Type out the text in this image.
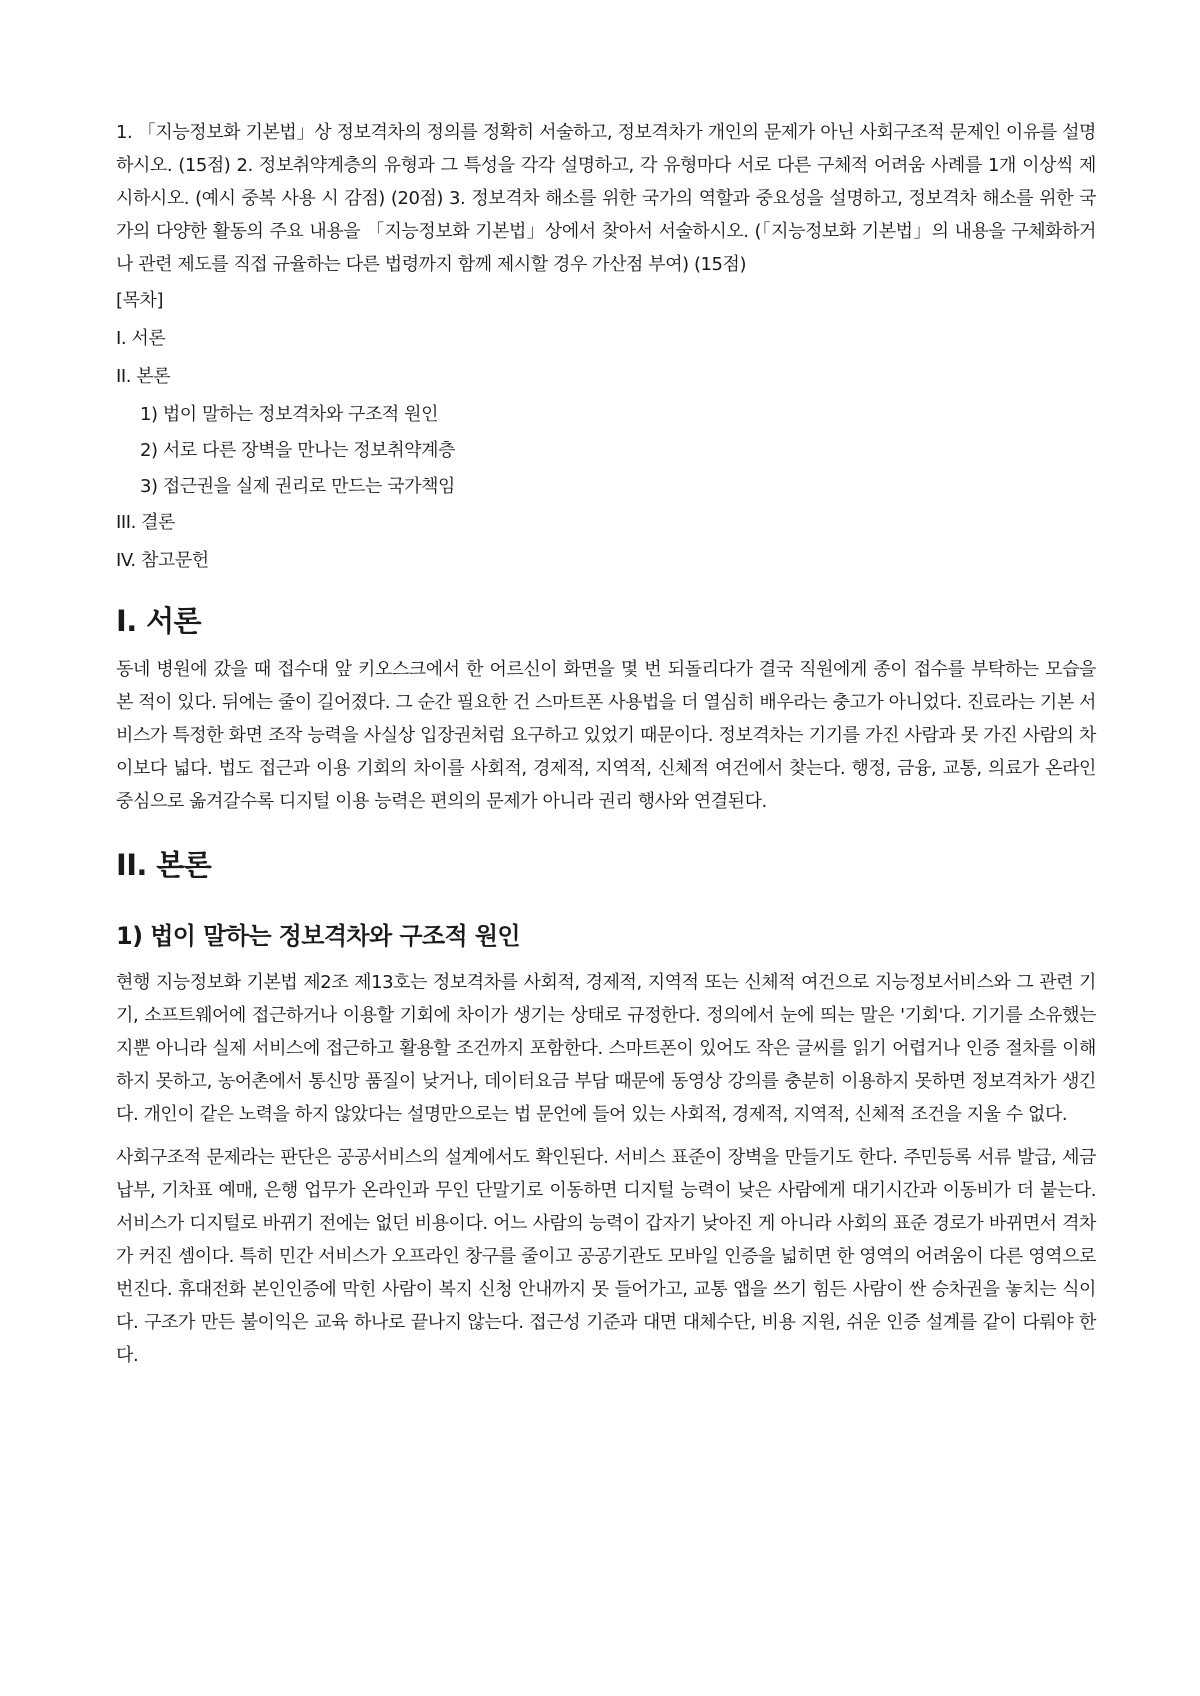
1. 「지능정보화 기본법」상 정보격차의 정의를 정확히 서술하고, 정보격차가 개인의 문제가 아닌 사회구조적 문제인 이유를 설명하시오. (15점) 2. 정보취약계층의 유형과 그 특성을 각각 설명하고, 각 유형마다 서로 다른 구체적 어려움 사례를 1개 이상씩 제시하시오. (예시 중복 사용 시 감점) (20점) 3. 정보격차 해소를 위한 국가의 역할과 중요성을 설명하고, 정보격차 해소를 위한 국가의 다양한 활동의 주요 내용을 「지능정보화 기본법」상에서 찾아서 서술하시오. (「지능정보화 기본법」의 내용을 구체화하거나 관련 제도를 직접 규율하는 다른 법령까지 함께 제시할 경우 가산점 부여) (15점)

[목차]
I. 서론
II. 본론
1) 법이 말하는 정보격차와 구조적 원인
2) 서로 다른 장벽을 만나는 정보취약계층
3) 접근권을 실제 권리로 만드는 국가책임
III. 결론
IV. 참고문헌
I. 서론

동네 병원에 갔을 때 접수대 앞 키오스크에서 한 어르신이 화면을 몇 번 되돌리다가 결국 직원에게 종이 접수를 부탁하는 모습을 본 적이 있다. 뒤에는 줄이 길어졌다. 그 순간 필요한 건 스마트폰 사용법을 더 열심히 배우라는 충고가 아니었다. 진료라는 기본 서비스가 특정한 화면 조작 능력을 사실상 입장권처럼 요구하고 있었기 때문이다. 정보격차는 기기를 가진 사람과 못 가진 사람의 차이보다 넓다. 법도 접근과 이용 기회의 차이를 사회적, 경제적, 지역적, 신체적 여건에서 찾는다. 행정, 금융, 교통, 의료가 온라인 중심으로 옮겨갈수록 디지털 이용 능력은 편의의 문제가 아니라 권리 행사와 연결된다.

II. 본론
1) 법이 말하는 정보격차와 구조적 원인

현행 지능정보화 기본법 제2조 제13호는 정보격차를 사회적, 경제적, 지역적 또는 신체적 여건으로 지능정보서비스와 그 관련 기기, 소프트웨어에 접근하거나 이용할 기회에 차이가 생기는 상태로 규정한다. 정의에서 눈에 띄는 말은 '기회'다. 기기를 소유했는지뿐 아니라 실제 서비스에 접근하고 활용할 조건까지 포함한다. 스마트폰이 있어도 작은 글씨를 읽기 어렵거나 인증 절차를 이해하지 못하고, 농어촌에서 통신망 품질이 낮거나, 데이터요금 부담 때문에 동영상 강의를 충분히 이용하지 못하면 정보격차가 생긴다. 개인이 같은 노력을 하지 않았다는 설명만으로는 법 문언에 들어 있는 사회적, 경제적, 지역적, 신체적 조건을 지울 수 없다.

사회구조적 문제라는 판단은 공공서비스의 설계에서도 확인된다. 서비스 표준이 장벽을 만들기도 한다. 주민등록 서류 발급, 세금 납부, 기차표 예매, 은행 업무가 온라인과 무인 단말기로 이동하면 디지털 능력이 낮은 사람에게 대기시간과 이동비가 더 붙는다. 서비스가 디지털로 바뀌기 전에는 없던 비용이다. 어느 사람의 능력이 갑자기 낮아진 게 아니라 사회의 표준 경로가 바뀌면서 격차가 커진 셈이다. 특히 민간 서비스가 오프라인 창구를 줄이고 공공기관도 모바일 인증을 넓히면 한 영역의 어려움이 다른 영역으로 번진다. 휴대전화 본인인증에 막힌 사람이 복지 신청 안내까지 못 들어가고, 교통 앱을 쓰기 힘든 사람이 싼 승차권을 놓치는 식이다. 구조가 만든 불이익은 교육 하나로 끝나지 않는다. 접근성 기준과 대면 대체수단, 비용 지원, 쉬운 인증 설계를 같이 다뤄야 한다.
